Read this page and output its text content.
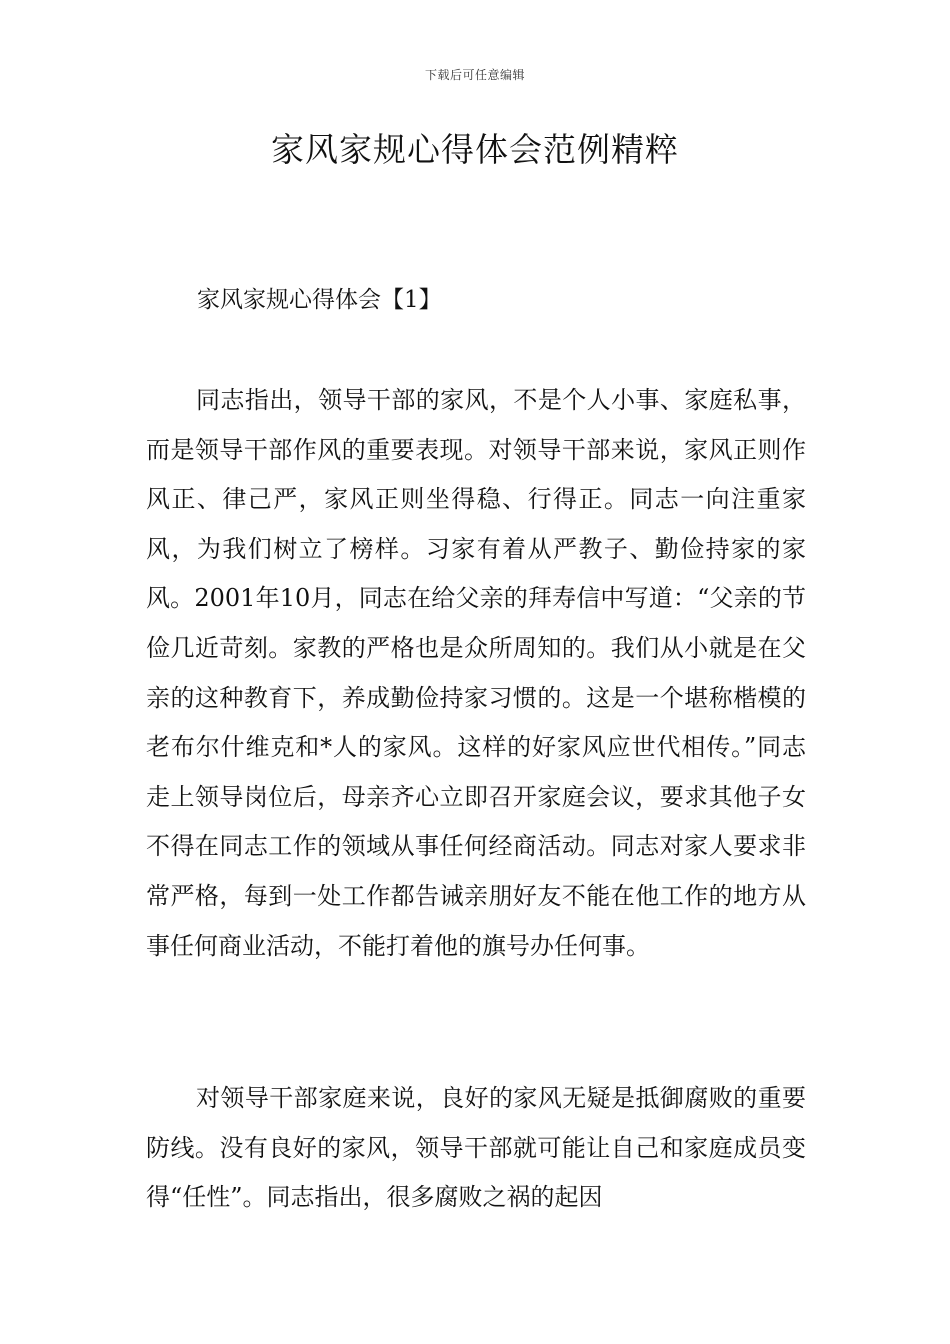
下载后可任意编辑
家风家规心得体会范例精粹
家风家规心得体会【1】

同志指出，领导干部的家风，不是个人小事、家庭私事，而是领导干部作风的重要表现。对领导干部来说，家风正则作风正、律己严，家风正则坐得稳、行得正。同志一向注重家风，为我们树立了榜样。习家有着从严教子、勤俭持家的家风。2001年10月，同志在给父亲的拜寿信中写道：“父亲的节俭几近苛刻。家教的严格也是众所周知的。我们从小就是在父亲的这种教育下，养成勤俭持家习惯的。这是一个堪称楷模的老布尔什维克和*人的家风。这样的好家风应世代相传。”同志走上领导岗位后，母亲齐心立即召开家庭会议，要求其他子女不得在同志工作的领域从事任何经商活动。同志对家人要求非常严格，每到一处工作都告诫亲朋好友不能在他工作的地方从事任何商业活动，不能打着他的旗号办任何事。

对领导干部家庭来说，良好的家风无疑是抵御腐败的重要防线。没有良好的家风，领导干部就可能让自己和家庭成员变得“任性”。同志指出，很多腐败之祸的起因
